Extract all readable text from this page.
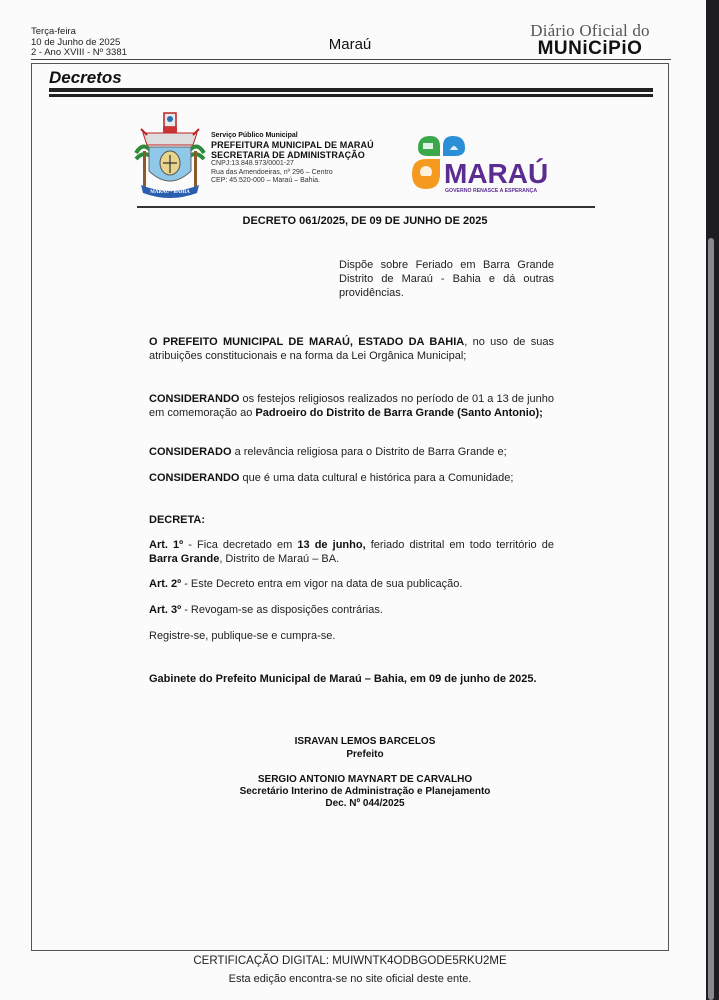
Terça-feira
10 de Junho de 2025
2 - Ano XVIII - Nº 3381	Maraú
Diário Oficial do
MUNiCiPiO
Decretos
MARAÚ - BAHIA
Serviço Público Municipal
PREFEITURA MUNICIPAL DE MARAÚ
SECRETARIA DE ADMINISTRAÇÃO
CNPJ:13.848.973/0001-27
Rua das Amendoeiras, nº 296 – Centro
CEP: 45.520-000 – Maraú – Bahia.	MARAÚ
GOVERNO RENASCE A ESPERANÇA
DECRETO 061/2025, DE 09 DE JUNHO DE 2025
Dispõe sobre Feriado em Barra Grande Distrito de Maraú - Bahia e dá outras providências.
O PREFEITO MUNICIPAL DE MARAÚ, ESTADO DA BAHIA, no uso de suas atribuições constitucionais e na forma da Lei Orgânica Municipal;
CONSIDERANDO os festejos religiosos realizados no período de 01 a 13 de junho em comemoração ao Padroeiro do Distrito de Barra Grande (Santo Antonio);
CONSIDERADO a relevância religiosa para o Distrito de Barra Grande e;
CONSIDERANDO que é uma data cultural e histórica para a Comunidade;
DECRETA:
Art. 1º - Fica decretado em 13 de junho, feriado distrital em todo território de Barra Grande, Distrito de Maraú – BA.
Art. 2º - Este Decreto entra em vigor na data de sua publicação.
Art. 3º - Revogam-se as disposições contrárias.
Registre-se, publique-se e cumpra-se.
Gabinete do Prefeito Municipal de Maraú – Bahia, em 09 de junho de 2025.
ISRAVAN LEMOS BARCELOS
Prefeito
SERGIO ANTONIO MAYNART DE CARVALHO
Secretário Interino de Administração e Planejamento
Dec. Nº 044/2025
CERTIFICAÇÃO DIGITAL: MUIWNTK4ODBGODE5RKU2ME
Esta edição encontra-se no site oficial deste ente.
